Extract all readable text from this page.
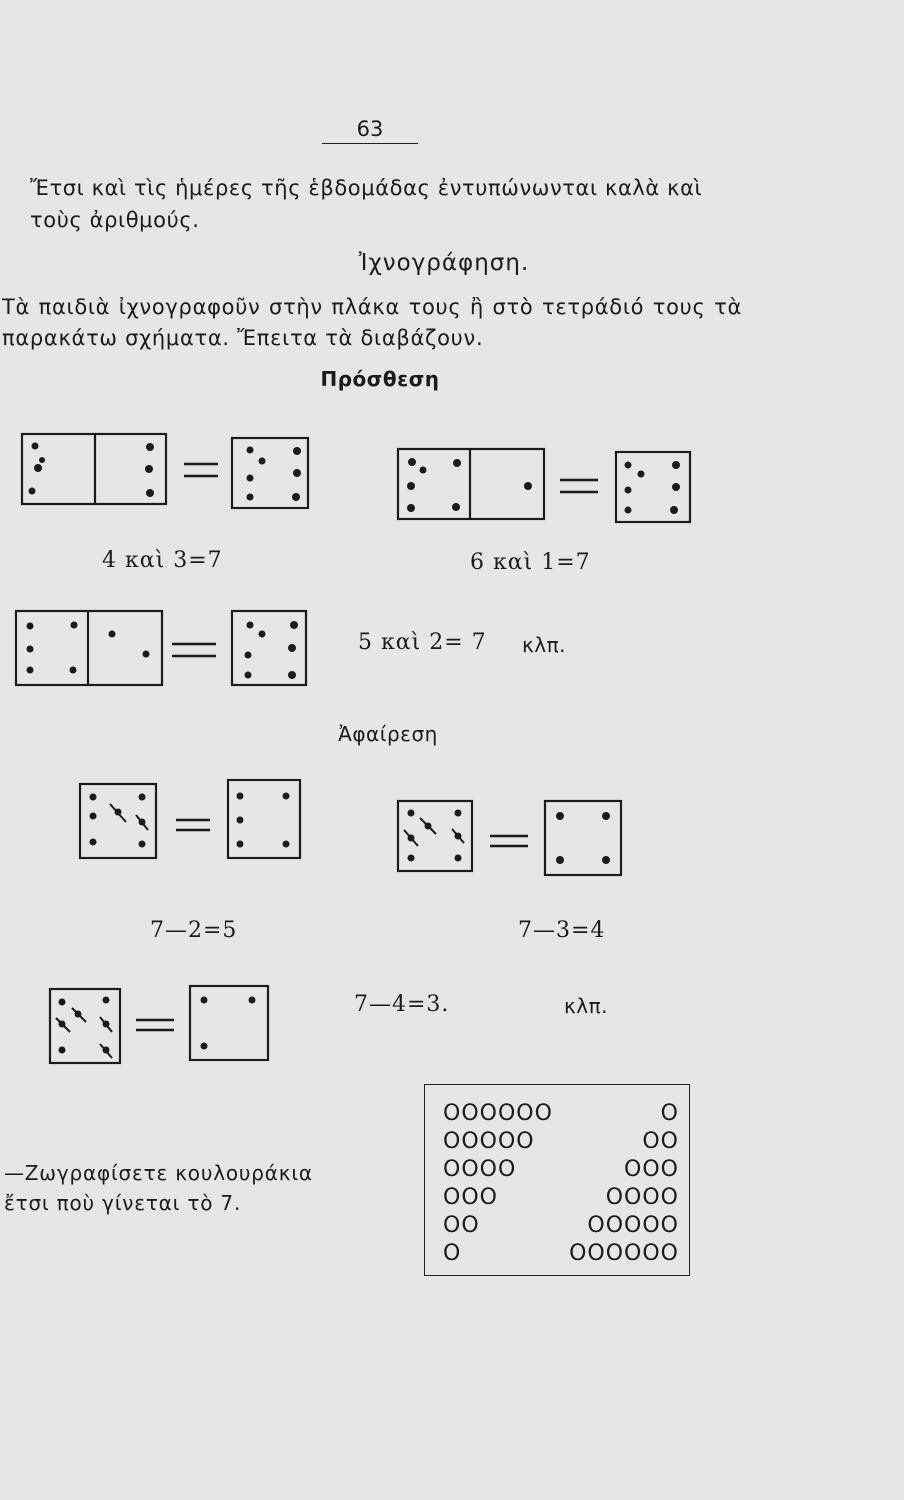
63
Ἔτσι καὶ τὶς ἡμέρες τῆς ἑβδομάδας ἐντυπώνωνται καλὰ καὶ τοὺς ἀριθμούς.
Ἰχνογράφηση.
Τὰ παιδιὰ ἰχνογραφοῦν στὴν πλάκα τους ἢ στὸ τετράδιό τους τὰ παρακάτω σχήματα. Ἔπειτα τὰ διαβάζουν.
Πρόσθεση
4 καὶ 3=7	6 καὶ 1=7
5 καὶ 2= 7 κλπ.
Ἀφαίρεση
7—2=5	7—3=4
7—4=3.	κλπ.
—Ζωγραφίσετε κουλουράκια
ἔτσι ποὺ γίνεται τὸ 7.
OOOOOO	O
OOOOO	OO
OOOO	OOO
OOO	OOOO
OO	OOOOO
O	OOOOOO
